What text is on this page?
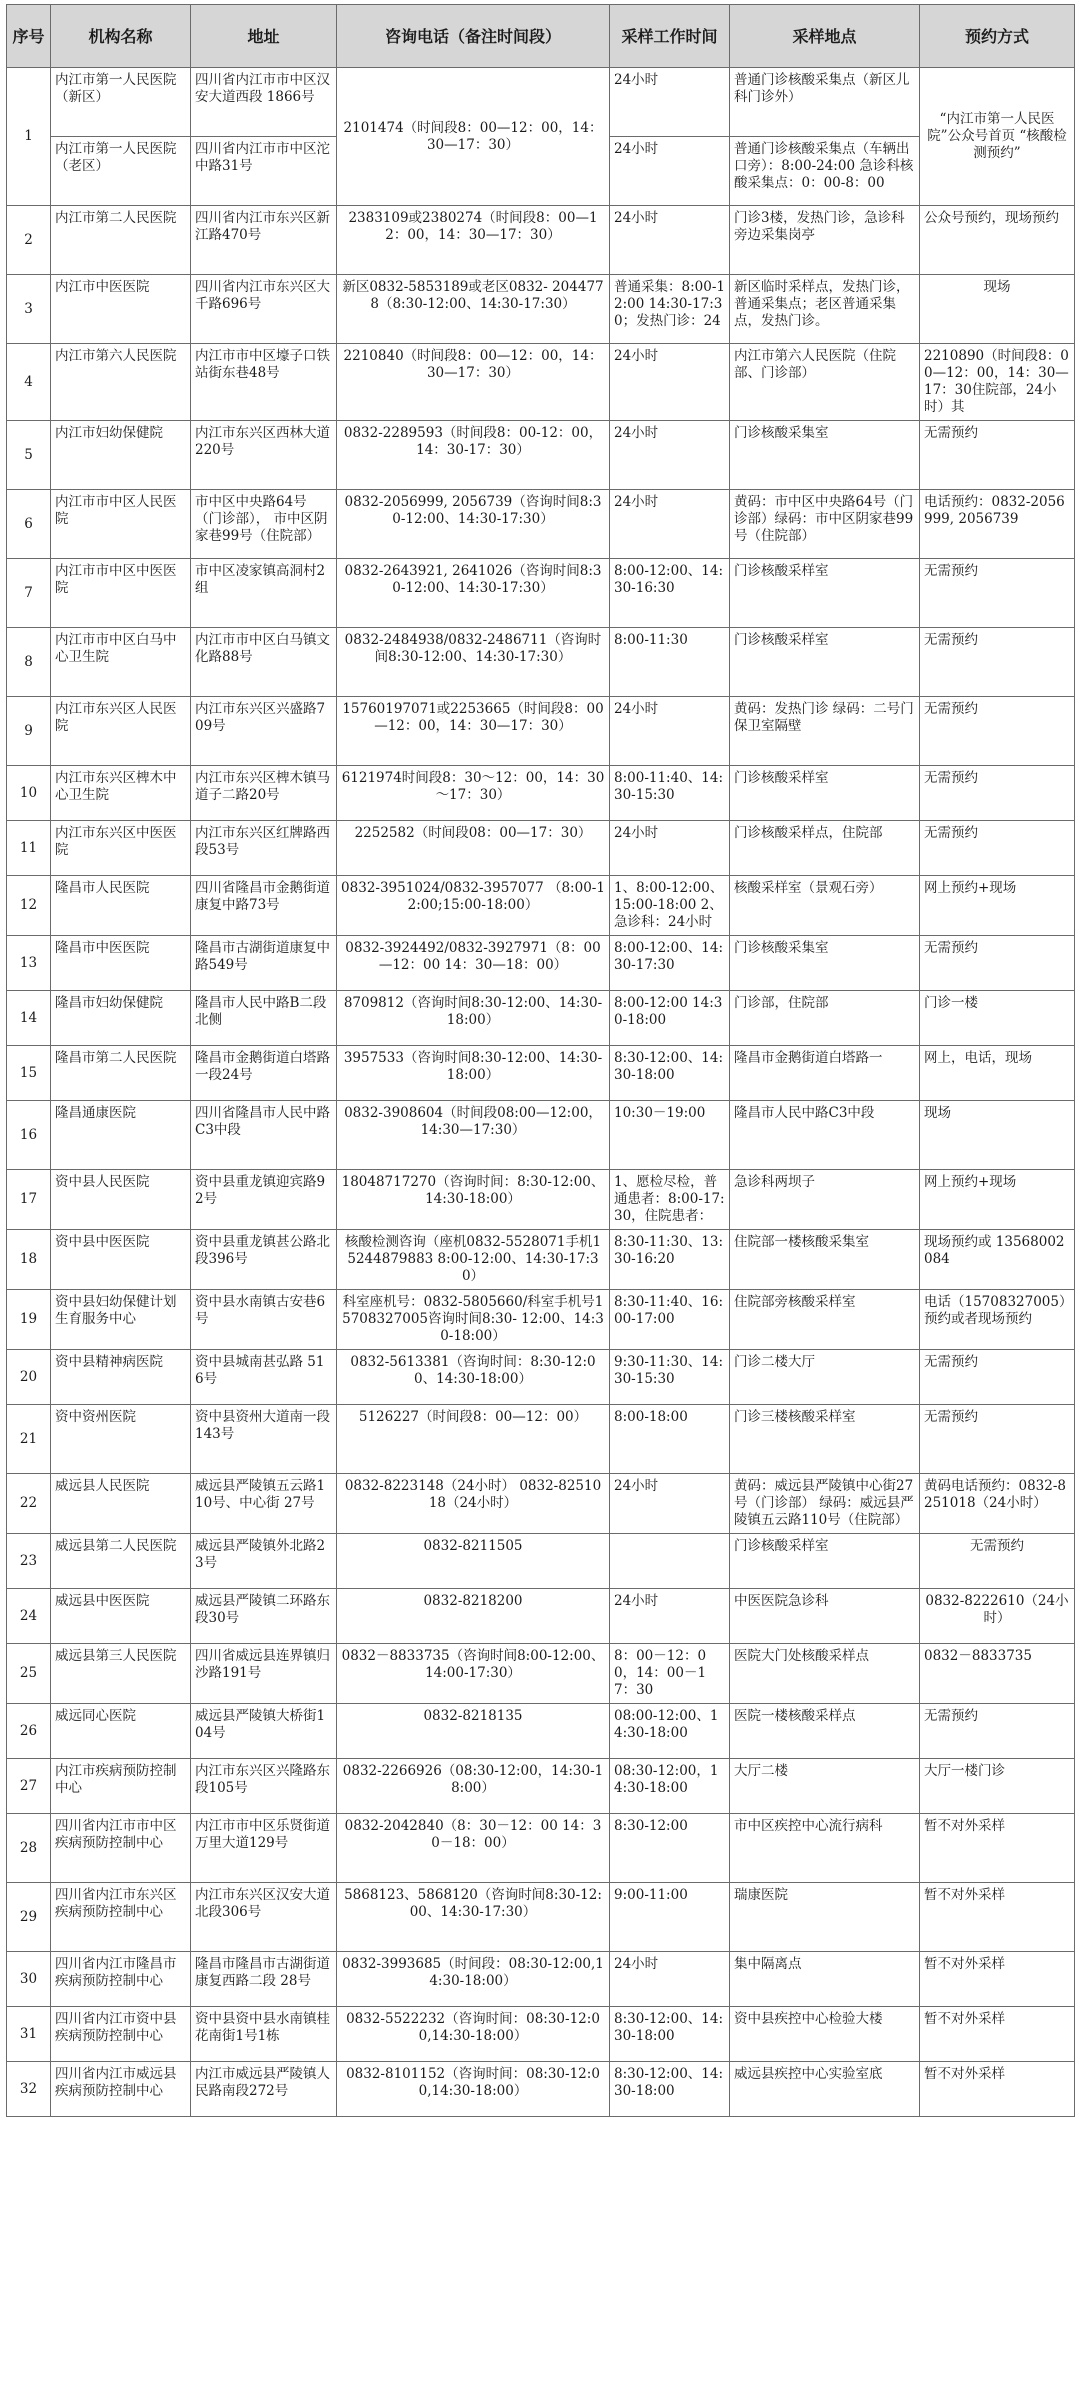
序号	机构名称	地址	咨询电话（备注时间段）	采样工作时间	采样地点	预约方式
1	内江市第一人民医院（新区）	四川省内江市市中区汉安大道西段 1866号	2101474（时间段8：00—12：00，14：30—17：30）	24小时	普通门诊核酸采集点（新区儿科门诊外）	“内江市第一人民医院”公众号首页 “核酸检测预约”
	内江市第一人民医院（老区）	四川省内江市市中区沱中路31号		24小时	普通门诊核酸采集点（车辆出口旁）：8:00-24:00 急诊科核酸采集点：0：00-8：00	
2	内江市第二人民医院	四川省内江市东兴区新江路470号	2383109或2380274（时间段8：00—12：00，14：30—17：30）	24小时	门诊3楼，发热门诊，急诊科旁边采集岗亭	公众号预约，现场预约
3	内江市中医医院	四川省内江市东兴区大千路696号	新区0832-5853189或老区0832- 2044778（8:30-12:00、14:30-17:30）	普通采集：8:00-12:00 14:30-17:30；发热门诊：24	新区临时采样点，发热门诊，普通采集点；老区普通采集点，发热门诊。	现场
4	内江市第六人民医院	内江市市中区壕子口铁站街东巷48号	2210840（时间段8：00—12：00，14：30—17：30）	24小时	内江市第六人民医院（住院部、门诊部）	2210890（时间段8：00—12：00，14：30—17：30住院部，24小时）其
5	内江市妇幼保健院	内江市东兴区西林大道220号	0832-2289593（时间段8：00-12：00，14：30-17：30）	24小时	门诊核酸采集室	无需预约
6	内江市市中区人民医院	市中区中央路64号（门诊部）， 市中区阴家巷99号（住院部）	0832-2056999, 2056739（咨询时间8:30-12:00、14:30-17:30）	24小时	黄码：市中区中央路64号（门诊部）绿码：市中区阴家巷99号（住院部）	电话预约：0832-2056999, 2056739
7	内江市市中区中医医院	市中区凌家镇高洞村2组	0832-2643921, 2641026（咨询时间8:30-12:00、14:30-17:30）	8:00-12:00、14:30-16:30	门诊核酸采样室	无需预约
8	内江市市中区白马中心卫生院	内江市市中区白马镇文化路88号	0832-2484938/0832-2486711（咨询时间8:30-12:00、14:30-17:30）	8:00-11:30	门诊核酸采样室	无需预约
9	内江市东兴区人民医院	内江市东兴区兴盛路709号	15760197071或2253665（时间段8：00—12：00，14：30—17：30）	24小时	黄码：发热门诊 绿码：二号门保卫室隔壁	无需预约
10	内江市东兴区椑木中心卫生院	内江市东兴区椑木镇马道子二路20号	6121974时间段8：30～12：00，14：30～17：30）	8:00-11:40、14:30-15:30	门诊核酸采样室	无需预约
11	内江市东兴区中医医院	内江市东兴区红牌路西段53号	2252582（时间段08：00—17：30）	24小时	门诊核酸采样点，住院部	无需预约
12	隆昌市人民医院	四川省隆昌市金鹅街道康复中路73号	0832-3951024/0832-3957077 （8:00-12:00;15:00-18:00）	1、8:00-12:00、15:00-18:00 2、急诊科：24小时	核酸采样室（景观石旁）	网上预约+现场
13	隆昌市中医医院	隆昌市古湖街道康复中路549号	0832-3924492/0832-3927971（8：00—12：00 14：30—18：00）	8:00-12:00、14:30-17:30	门诊核酸采集室	无需预约
14	隆昌市妇幼保健院	隆昌市人民中路B二段北侧	8709812（咨询时间8:30-12:00、14:30-18:00）	8:00-12:00 14:30-18:00	门诊部，住院部	门诊一楼
15	隆昌市第二人民医院	隆昌市金鹅街道白塔路一段24号	3957533（咨询时间8:30-12:00、14:30-18:00）	8:30-12:00、14:30-18:00	隆昌市金鹅街道白塔路一	网上，电话，现场
16	隆昌通康医院	四川省隆昌市人民中路C3中段	0832-3908604（时间段08:00—12:00，14:30—17:30）	10:30－19:00	隆昌市人民中路C3中段	现场
17	资中县人民医院	资中县重龙镇迎宾路92号	18048717270（咨询时间：8:30-12:00、14:30-18:00）	1、愿检尽检，普通患者：8:00-17:30，住院患者：	急诊科两坝子	网上预约+现场
18	资中县中医医院	资中县重龙镇甚公路北段396号	核酸检测咨询（座机0832-5528071手机15244879883 8:00-12:00、14:30-17:30）	8:30-11:30、13:30-16:20	住院部一楼核酸采集室	现场预约或 13568002084
19	资中县妇幼保健计划生育服务中心	资中县水南镇古安巷6号	科室座机号：0832-5805660/科室手机号15708327005咨询时间8:30- 12:00、14:30-18:00）	8:30-11:40、16:00-17:00	住院部旁核酸采样室	电话（15708327005）预约或者现场预约
20	资中县精神病医院	资中县城南甚弘路 516号	0832-5613381（咨询时间：8:30-12:00、14:30-18:00）	9:30-11:30、14:30-15:30	门诊二楼大厅	无需预约
21	资中资州医院	资中县资州大道南一段143号	5126227（时间段8：00—12：00）	8:00-18:00	门诊三楼核酸采样室	无需预约
22	威远县人民医院	威远县严陵镇五云路110号、中心街 27号	0832-8223148（24小时） 0832-8251018（24小时）	24小时	黄码：威远县严陵镇中心街27号（门诊部） 绿码：威远县严陵镇五云路110号（住院部）	黄码电话预约：0832-8251018（24小时）
23	威远县第二人民医院	威远县严陵镇外北路23号	0832-8211505		门诊核酸采样室	无需预约
24	威远县中医医院	威远县严陵镇二环路东段30号	0832-8218200	24小时	中医医院急诊科	0832-8222610（24小时）
25	威远县第三人民医院	四川省威远县连界镇归沙路191号	0832－8833735（咨询时间8:00-12:00、14:00-17:30）	8：00－12：00，14：00－17：30	医院大门处核酸采样点	0832－8833735
26	威远同心医院	威远县严陵镇大桥街104号	0832-8218135	08:00-12:00、14:30-18:00	医院一楼核酸采样点	无需预约
27	内江市疾病预防控制中心	内江市东兴区兴隆路东段105号	0832-2266926（08:30-12:00，14:30-18:00）	08:30-12:00，14:30-18:00	大厅二楼	大厅一楼门诊
28	四川省内江市市中区疾病预防控制中心	内江市市中区乐贤街道万里大道129号	0832-2042840（8：30－12：00 14：30－18：00）	8:30-12:00	市中区疾控中心流行病科	暂不对外采样
29	四川省内江市东兴区疾病预防控制中心	内江市东兴区汉安大道北段306号	5868123、5868120（咨询时间8:30-12:00、14:30-17:30）	9:00-11:00	瑞康医院	暂不对外采样
30	四川省内江市隆昌市疾病预防控制中心	隆昌市隆昌市古湖街道康复西路二段 28号	0832-3993685（时间段：08:30-12:00,14:30-18:00）	24小时	集中隔离点	暂不对外采样
31	四川省内江市资中县疾病预防控制中心	资中县资中县水南镇桂花南街1号1栋	0832-5522232（咨询时间：08:30-12:00,14:30-18:00）	8:30-12:00、14:30-18:00	资中县疾控中心检验大楼	暂不对外采样
32	四川省内江市威远县疾病预防控制中心	内江市威远县严陵镇人民路南段272号	0832-8101152（咨询时间：08:30-12:00,14:30-18:00）	8:30-12:00、14:30-18:00	威远县疾控中心实验室底	暂不对外采样
